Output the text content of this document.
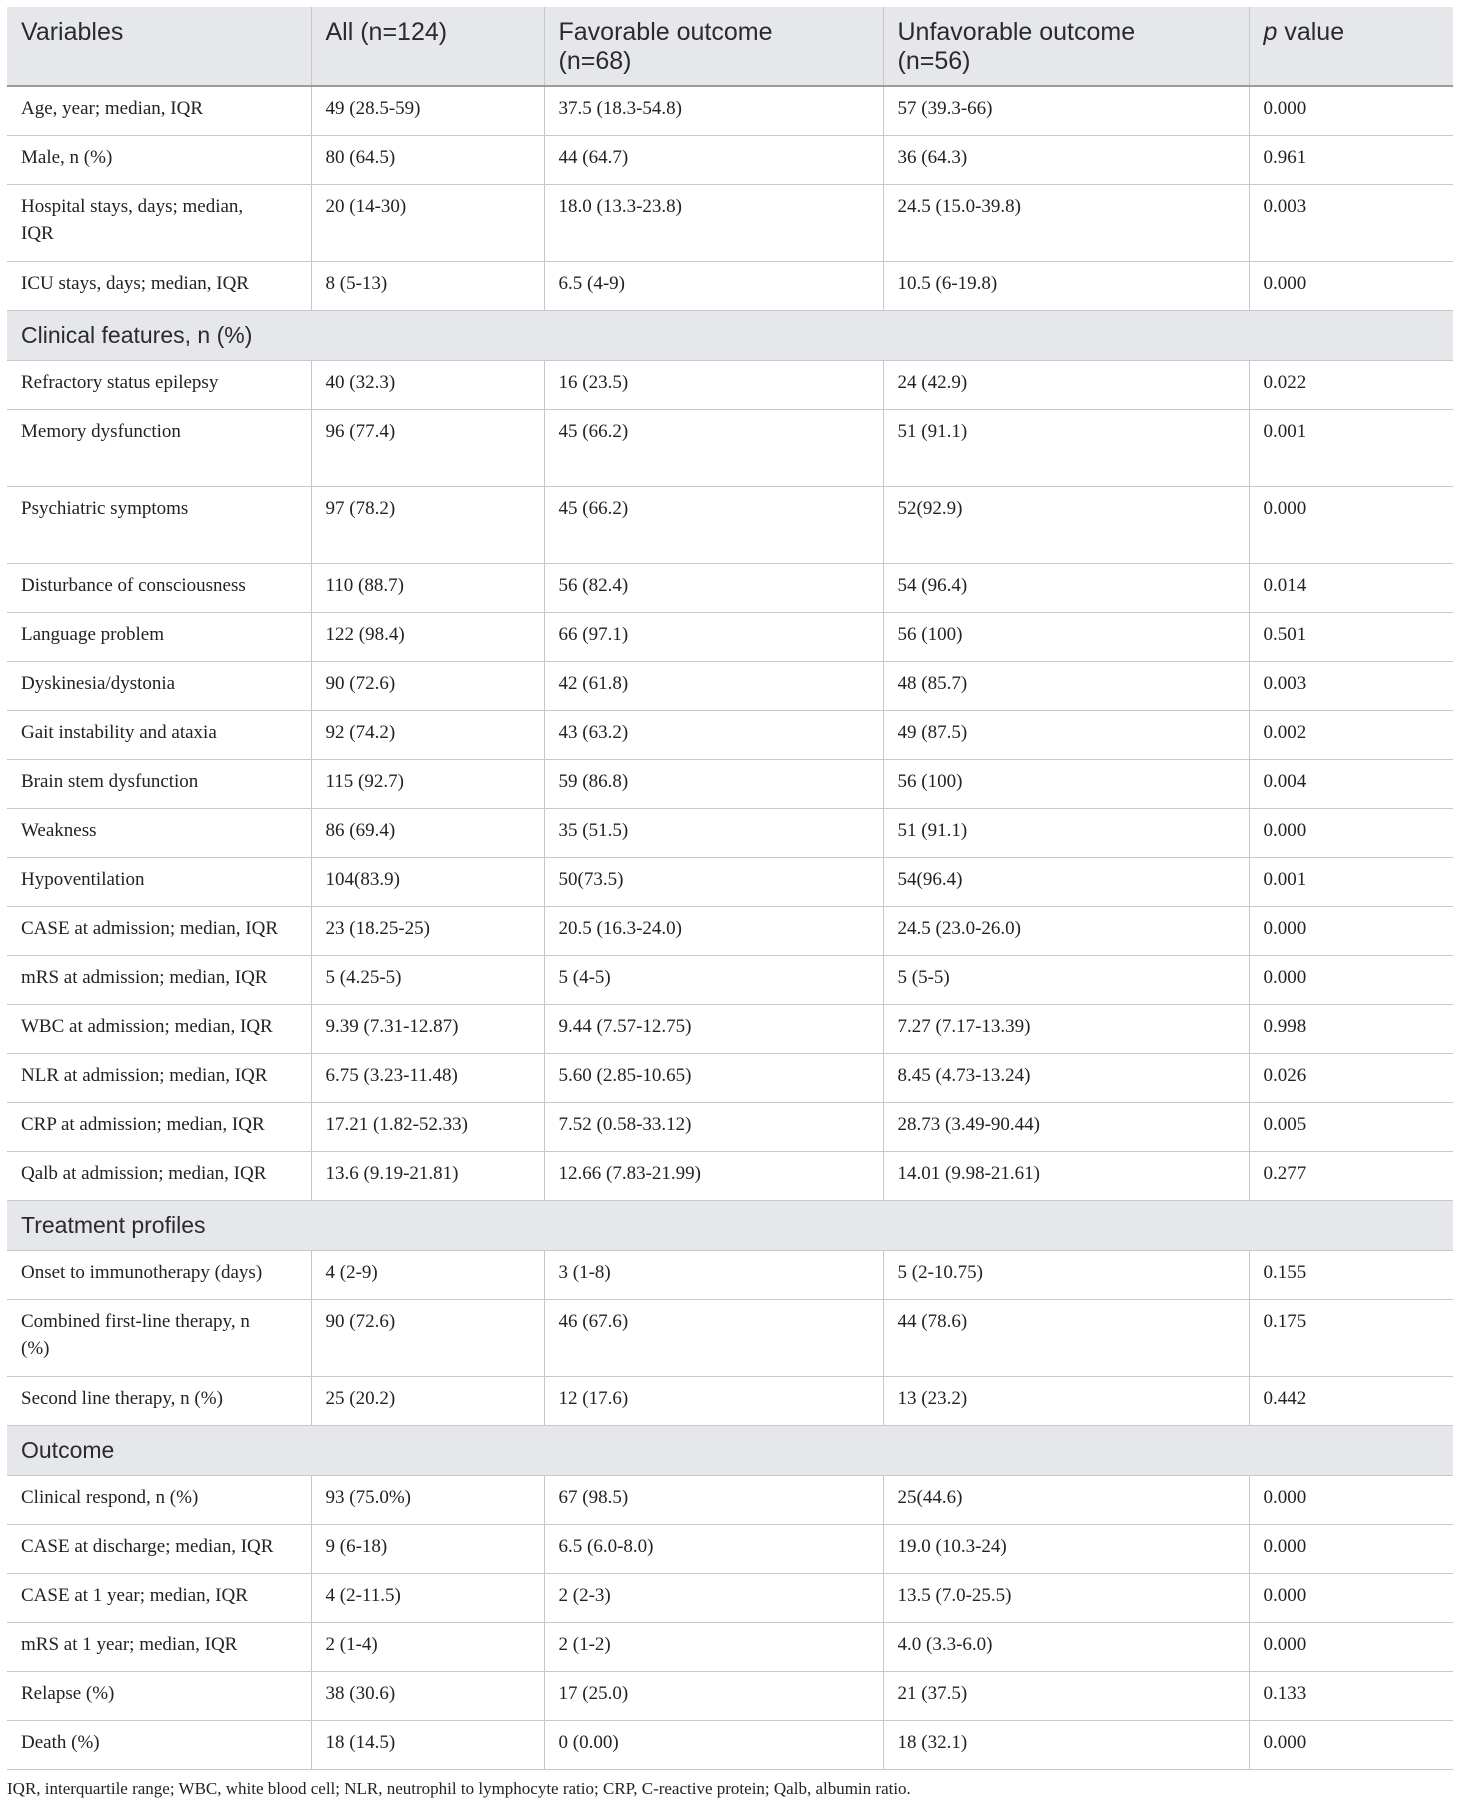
Variables	All (n=124)	Favorable outcome (n=68)	Unfavorable outcome (n=56)	p value
Age, year; median, IQR	49 (28.5-59)	37.5 (18.3-54.8)	57 (39.3-66)	0.000
Male, n (%)	80 (64.5)	44 (64.7)	36 (64.3)	0.961
Hospital stays, days; median, IQR	20 (14-30)	18.0 (13.3-23.8)	24.5 (15.0-39.8)	0.003
ICU stays, days; median, IQR	8 (5-13)	6.5 (4-9)	10.5 (6-19.8)	0.000
Clinical features, n (%)				
Refractory status epilepsy	40 (32.3)	16 (23.5)	24 (42.9)	0.022
Memory dysfunction	96 (77.4)	45 (66.2)	51 (91.1)	0.001
Psychiatric symptoms	97 (78.2)	45 (66.2)	52(92.9)	0.000
Disturbance of consciousness	110 (88.7)	56 (82.4)	54 (96.4)	0.014
Language problem	122 (98.4)	66 (97.1)	56 (100)	0.501
Dyskinesia/dystonia	90 (72.6)	42 (61.8)	48 (85.7)	0.003
Gait instability and ataxia	92 (74.2)	43 (63.2)	49 (87.5)	0.002
Brain stem dysfunction	115 (92.7)	59 (86.8)	56 (100)	0.004
Weakness	86 (69.4)	35 (51.5)	51 (91.1)	0.000
Hypoventilation	104(83.9)	50(73.5)	54(96.4)	0.001
CASE at admission; median, IQR	23 (18.25-25)	20.5 (16.3-24.0)	24.5 (23.0-26.0)	0.000
mRS at admission; median, IQR	5 (4.25-5)	5 (4-5)	5 (5-5)	0.000
WBC at admission; median, IQR	9.39 (7.31-12.87)	9.44 (7.57-12.75)	7.27 (7.17-13.39)	0.998
NLR at admission; median, IQR	6.75 (3.23-11.48)	5.60 (2.85-10.65)	8.45 (4.73-13.24)	0.026
CRP at admission; median, IQR	17.21 (1.82-52.33)	7.52 (0.58-33.12)	28.73 (3.49-90.44)	0.005
Qalb at admission; median, IQR	13.6 (9.19-21.81)	12.66 (7.83-21.99)	14.01 (9.98-21.61)	0.277
Treatment profiles				
Onset to immunotherapy (days)	4 (2-9)	3 (1-8)	5 (2-10.75)	0.155
Combined first-line therapy, n (%)	90 (72.6)	46 (67.6)	44 (78.6)	0.175
Second line therapy, n (%)	25 (20.2)	12 (17.6)	13 (23.2)	0.442
Outcome				
Clinical respond, n (%)	93 (75.0%)	67 (98.5)	25(44.6)	0.000
CASE at discharge; median, IQR	9 (6-18)	6.5 (6.0-8.0)	19.0 (10.3-24)	0.000
CASE at 1 year; median, IQR	4 (2-11.5)	2 (2-3)	13.5 (7.0-25.5)	0.000
mRS at 1 year; median, IQR	2 (1-4)	2 (1-2)	4.0 (3.3-6.0)	0.000
Relapse (%)	38 (30.6)	17 (25.0)	21 (37.5)	0.133
Death (%)	18 (14.5)	0 (0.00)	18 (32.1)	0.000
IQR, interquartile range; WBC, white blood cell; NLR, neutrophil to lymphocyte ratio; CRP, C-reactive protein; Qalb, albumin ratio.
